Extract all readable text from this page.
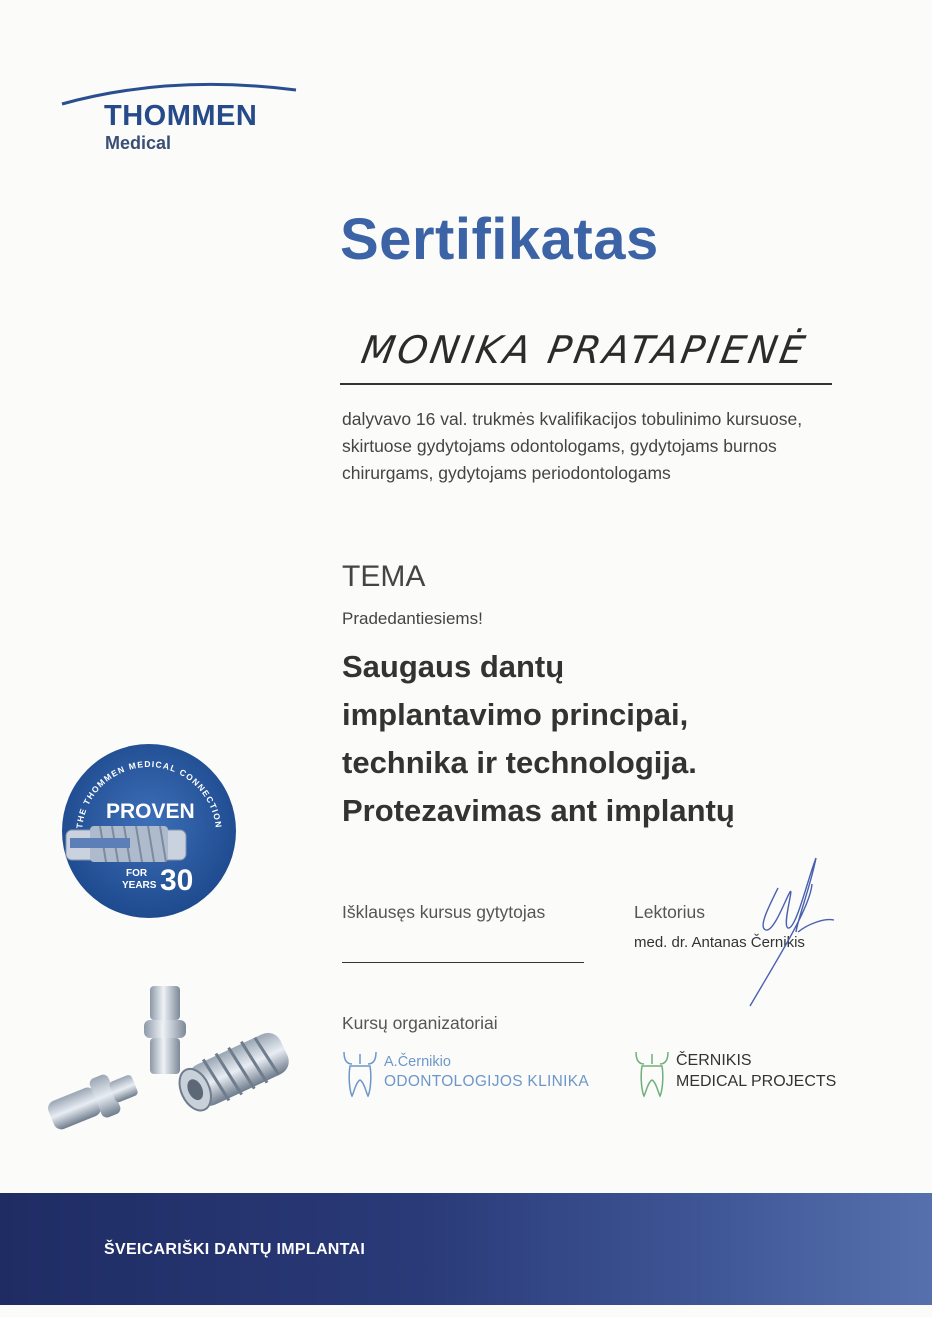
THOMMEN
Medical
Sertifikatas
MONIKA PRATAPIENĖ
dalyvavo 16 val. trukmės kvalifikacijos tobulinimo kursuose, skirtuose gydytojams odontologams, gydytojams burnos chirurgams, gydytojams periodontologams
TEMA
Pradedantiesiems!
Saugaus dantų
implantavimo principai,
technika ir technologija.
Protezavimas ant implantų
THE THOMMEN MEDICAL CONNECTION
PROVEN
FOR
YEARS 30
Išklausęs kursus gytytojas	Lektorius
med. dr. Antanas Černikis
Kursų organizatoriai
A.Černikio
ODONTOLOGIJOS KLINIKA
ČERNIKIS
MEDICAL PROJECTS
ŠVEICARIŠKI DANTŲ IMPLANTAI
